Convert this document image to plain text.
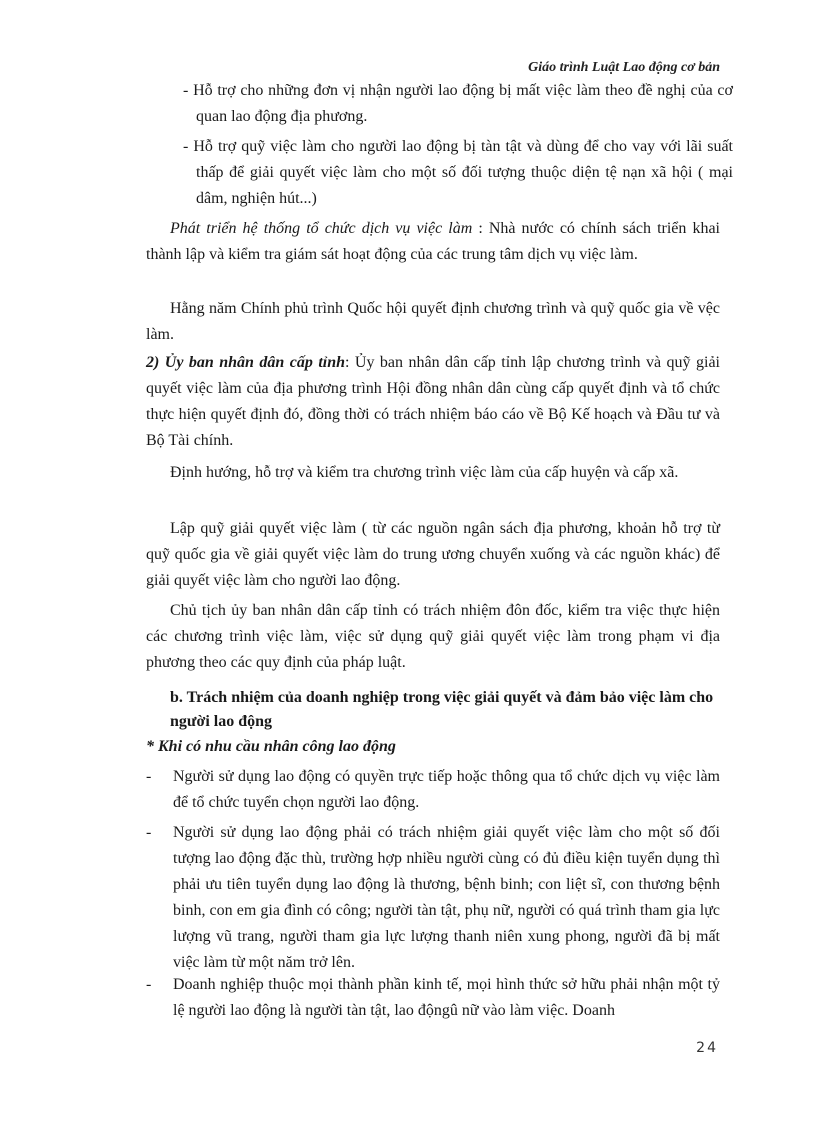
Giáo trình Luật Lao động cơ bản

- Hỗ trợ cho những đơn vị nhận người lao động bị mất việc làm theo đề nghị của cơ quan lao động địa phương.

- Hỗ trợ quỹ việc làm cho người lao động bị tàn tật và dùng để cho vay với lãi suất thấp để giải quyết việc làm cho một số đối tượng thuộc diện tệ nạn xã hội ( mại dâm, nghiện hút...)

Phát triển hệ thống tổ chức dịch vụ việc làm : Nhà nước có chính sách triển khai thành lập và kiểm tra giám sát hoạt động của các trung tâm dịch vụ việc làm.

Hằng năm Chính phủ trình Quốc hội quyết định chương trình và quỹ quốc gia về vệc làm.

2) Ủy ban nhân dân cấp tỉnh: Ủy ban nhân dân cấp tỉnh lập chương trình và quỹ giải quyết việc làm của địa phương trình Hội đồng nhân dân cùng cấp quyết định và tổ chức thực hiện quyết định đó, đồng thời có trách nhiệm báo cáo về Bộ Kế hoạch và Đầu tư và Bộ Tài chính.

Định hướng, hỗ trợ và kiểm tra chương trình việc làm của cấp huyện và cấp xã.

Lập quỹ giải quyết việc làm ( từ các nguồn ngân sách địa phương, khoản hỗ trợ từ quỹ quốc gia về giải quyết việc làm do trung ương chuyển xuống và các nguồn khác) để giải quyết việc làm cho người lao động.

Chủ tịch ủy ban nhân dân cấp tỉnh có trách nhiệm đôn đốc, kiểm tra việc thực hiện các chương trình việc làm, việc sử dụng quỹ giải quyết việc làm trong phạm vi địa phương theo các quy định của pháp luật.

b. Trách nhiệm của doanh nghiệp trong việc giải quyết và đảm bảo việc làm cho người lao động

* Khi có nhu cầu nhân công lao động

-	Người sử dụng lao động có quyền trực tiếp hoặc thông qua tổ chức dịch vụ việc làm để tổ chức tuyển chọn người lao động.
-	Người sử dụng lao động phải có trách nhiệm giải quyết việc làm cho một số đối tượng lao động đặc thù, trường hợp nhiều người cùng có đủ điều kiện tuyển dụng thì phải ưu tiên tuyển dụng lao động là thương, bệnh binh; con liệt sĩ, con thương bệnh binh, con em gia đình có công; người tàn tật, phụ nữ, người có quá trình tham gia lực lượng vũ trang, người tham gia lực lượng thanh niên xung phong, người đã bị mất việc làm từ một năm trở lên.
-	Doanh nghiệp thuộc mọi thành phần kinh tế, mọi hình thức sở hữu phải nhận một tỷ lệ người lao động là người tàn tật, lao độngû nữ vào làm việc. Doanh
24
